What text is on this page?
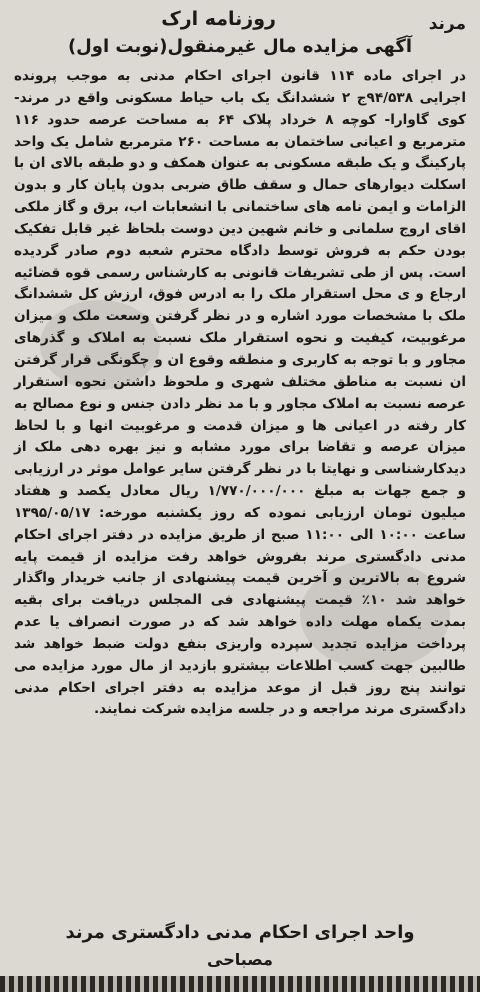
مرند
روزنامه ارک
آگهی مزایده مال غیرمنقول(نوبت اول)
در اجرای ماده ۱۱۴ قانون اجرای احکام مدنی به موجب پرونده اجرایی ۹۴/۵۳۸ج ۲ ششدانگ یک باب حیاط مسکونی واقع در مرند- کوی گاوارا- کوچه ۸ خرداد پلاک ۶۴ به مساحت عرصه حدود ۱۱۶ مترمربع و اعیانی ساختمان به مساحت ۲۶۰ مترمربع شامل یک واحد پارکینگ و یک طبقه مسکونی به عنوان همکف و دو طبقه بالای ان با اسکلت دیوارهای حمال و سقف طاق ضربی بدون پایان کار و بدون الزامات و ایمن نامه های ساختمانی با انشعابات اب، برق و گاز ملکی اقای اروج سلمانی و خانم شهین دین دوست بلحاظ غیر قابل تفکیک بودن حکم به فروش توسط دادگاه محترم شعبه دوم صادر گردیده است. پس از طی تشریفات قانونی به کارشناس رسمی قوه قضائیه ارجاع و ی محل استقرار ملک را به ادرس فوق، ارزش کل ششدانگ ملک با مشخصات مورد اشاره و در نظر گرفتن وسعت ملک و میزان مرغوبیت، کیفیت و نحوه استقرار ملک نسبت به املاک و گذرهای مجاور و با توجه به کاربری و منطقه وقوع ان و چگونگی قرار گرفتن ان نسبت به مناطق مختلف شهری و ملحوظ داشتن نحوه استقرار عرصه نسبت به املاک مجاور و با مد نظر دادن جنس و نوع مصالح به کار رفته در اعیانی ها و میزان قدمت و مرغوبیت انها و با لحاظ میزان عرصه و تقاضا برای مورد مشابه و نیز بهره دهی ملک از دیدکارشناسی و نهایتا با در نظر گرفتن سایر عوامل موثر در ارزیابی و جمع جهات به مبلغ ۱/۷۷۰/۰۰۰/۰۰۰ ریال معادل یکصد و هفتاد میلیون تومان ارزیابی نموده که روز یکشنبه مورخه: ۱۳۹۵/۰۵/۱۷ ساعت ۱۰:۰۰ الی ۱۱:۰۰ صبح از طریق مزایده در دفتر اجرای احکام مدنی دادگستری مرند بفروش خواهد رفت مزایده از قیمت پایه شروع به بالاترین و آخرین قیمت پیشنهادی از جانب خریدار واگذار خواهد شد ۱۰٪ قیمت پیشنهادی فی المجلس دریافت برای بقیه بمدت یکماه مهلت داده خواهد شد که در صورت انصراف یا عدم پرداخت مزایده تجدید سپرده واریزی بنفع دولت ضبط خواهد شد طالبین جهت کسب اطلاعات بیشترو بازدید از مال مورد مزایده می توانند پنج روز قبل از موعد مزایده به دفتر اجرای احکام مدنی دادگستری مرند مراجعه و در جلسه مزایده شرکت نمایند.
واحد اجرای احکام مدنی دادگستری مرند
مصباحی
